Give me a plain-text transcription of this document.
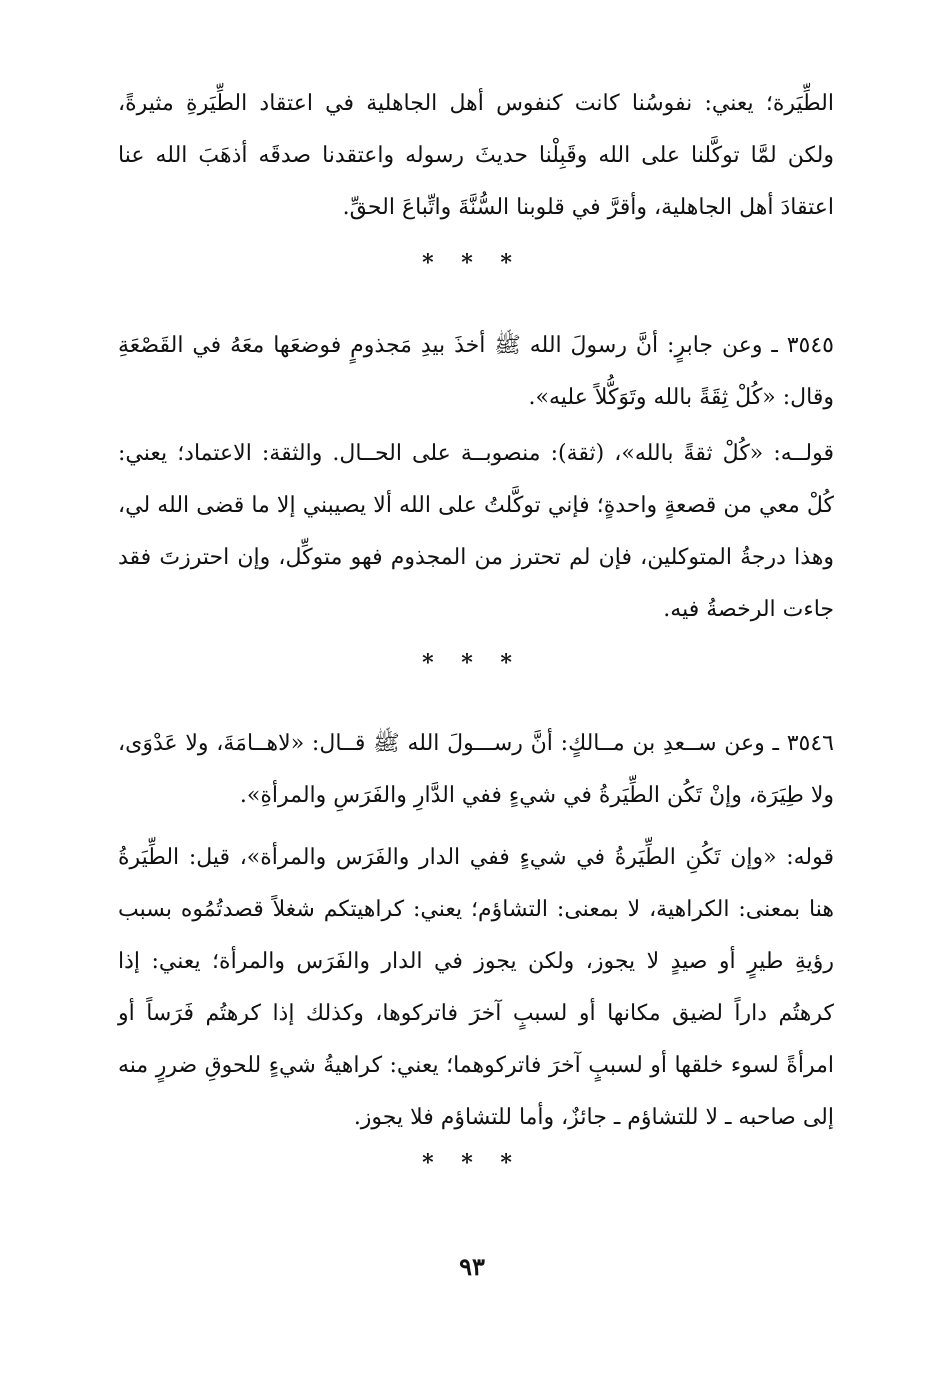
الطِّيَرة؛ يعني: نفوسُنا كانت كنفوس أهل الجاهلية في اعتقاد الطِّيَرةِ مثيرةً، ولكن لمَّا توكَّلنا على الله وقَبِلْنا حديثَ رسوله واعتقدنا صدقَه أذهَبَ الله عنا اعتقادَ أهل الجاهلية، وأقرَّ في قلوبنا السُّنَّةَ واتِّباعَ الحقِّ.

* * *

٣٥٤٥ ـ وعن جابرٍ: أنَّ رسولَ الله ﷺ أخذَ بيدِ مَجذومٍ فوضعَها معَهُ في القَصْعَةِ وقال: «كُلْ ثِقَةً بالله وتَوَكُّلاً عليه».

قولــه: «كُلْ ثقةً بالله»، (ثقة): منصوبــة على الحــال. والثقة: الاعتماد؛ يعني: كُلْ معي من قصعةٍ واحدةٍ؛ فإني توكَّلتُ على الله ألا يصيبني إلا ما قضى الله لي، وهذا درجةُ المتوكلين، فإن لم تحترز من المجذوم فهو متوكِّل، وإن احترزتَ فقد جاءت الرخصةُ فيه.

* * *

٣٥٤٦ ـ وعن ســعدِ بن مــالكٍ: أنَّ رســـولَ الله ﷺ قــال: «لاهــامَةَ، ولا عَدْوَى، ولا طِيَرَة، وإنْ تَكُن الطِّيَرةُ في شيءٍ ففي الدَّارِ والفَرَسِ والمرأةِ».

قوله: «وإن تَكُنِ الطِّيَرةُ في شيءٍ ففي الدار والفَرَس والمرأة»، قيل: الطِّيَرةُ هنا بمعنى: الكراهية، لا بمعنى: التشاؤم؛ يعني: كراهيتكم شغلاً قصدتُمُوه بسبب رؤيةِ طيرٍ أو صيدٍ لا يجوز، ولكن يجوز في الدار والفَرَس والمرأة؛ يعني: إذا كرهتُم داراً لضيق مكانها أو لسببٍ آخرَ فاتركوها، وكذلك إذا كرهتُم فَرَساً أو امرأةً لسوء خلقها أو لسببٍ آخرَ فاتركوهما؛ يعني: كراهيةُ شيءٍ للحوقِ ضررٍ منه إلى صاحبه ـ لا للتشاؤم ـ جائزٌ، وأما للتشاؤم فلا يجوز.

* * *
٩٣
